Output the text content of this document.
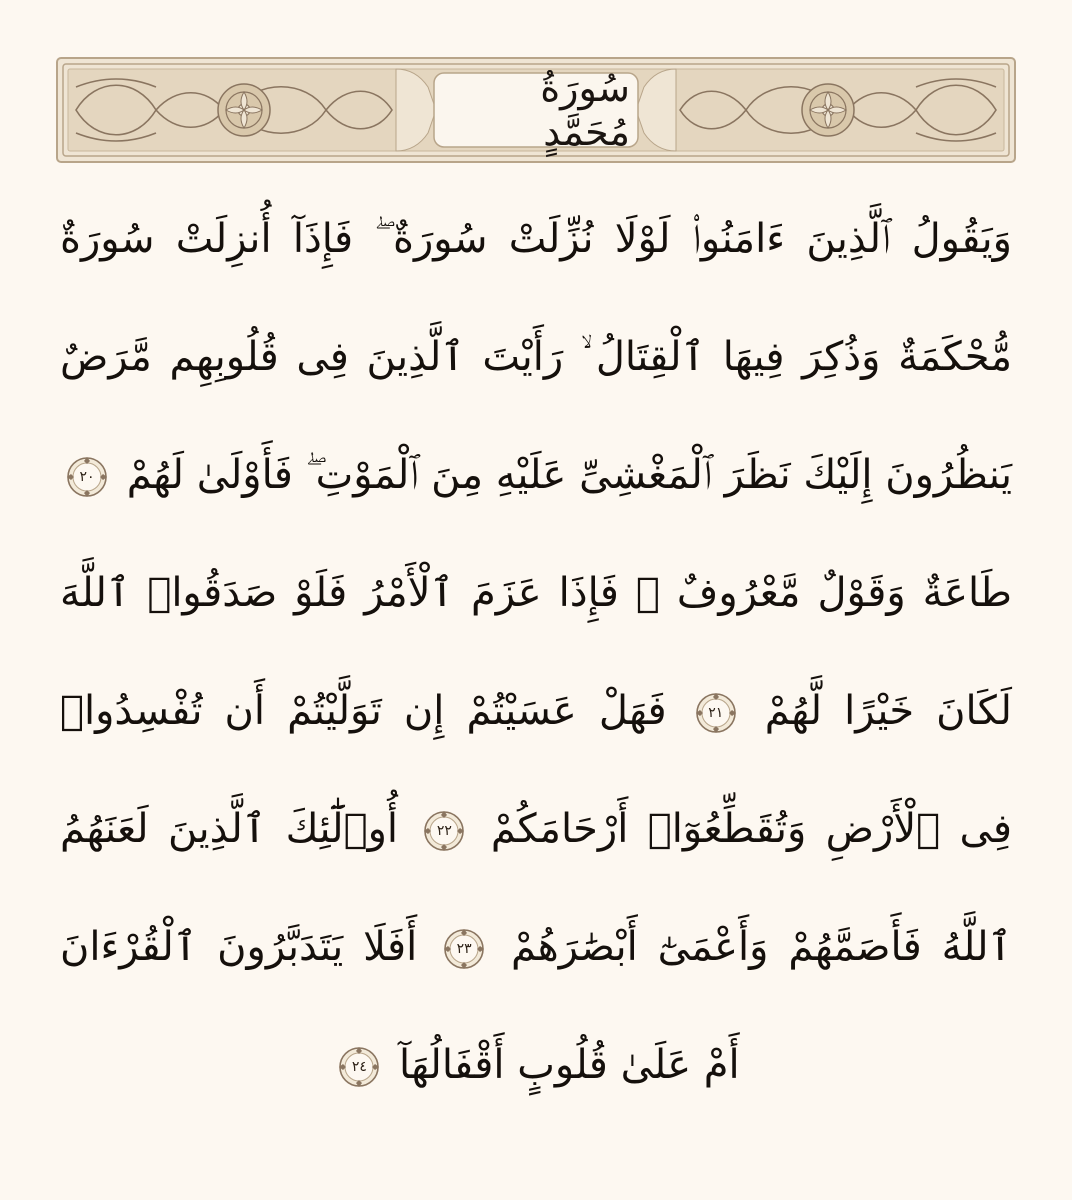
سُورَةُ مُحَمَّدٍ
وَيَقُولُ ٱلَّذِينَ ءَامَنُوا۟ لَوْلَا نُزِّلَتْ سُورَةٌ ۖ فَإِذَآ أُنزِلَتْ سُورَةٌ
مُّحْكَمَةٌ وَذُكِرَ فِيهَا ٱلْقِتَالُ ۙ رَأَيْتَ ٱلَّذِينَ فِى قُلُوبِهِم مَّرَضٌ
يَنظُرُونَ إِلَيْكَ نَظَرَ ٱلْمَغْشِىِّ عَلَيْهِ مِنَ ٱلْمَوْتِ ۖ فَأَوْلَىٰ لَهُمْ
٢٠
طَاعَةٌ وَقَوْلٌ مَّعْرُوفٌ ۚ فَإِذَا عَزَمَ ٱلْأَمْرُ فَلَوْ صَدَقُوا۟ ٱللَّهَ
لَكَانَ خَيْرًا لَّهُمْ
٢١
فَهَلْ عَسَيْتُمْ إِن تَوَلَّيْتُمْ أَن تُفْسِدُوا۟
فِى ٱلْأَرْضِ وَتُقَطِّعُوٓا۟ أَرْحَامَكُمْ
٢٢
أُو۟لَٰٓئِكَ ٱلَّذِينَ لَعَنَهُمُ
ٱللَّهُ فَأَصَمَّهُمْ وَأَعْمَىٰٓ أَبْصَٰرَهُمْ
٢٣
أَفَلَا يَتَدَبَّرُونَ ٱلْقُرْءَانَ
أَمْ عَلَىٰ قُلُوبٍ أَقْفَالُهَآ
٢٤
